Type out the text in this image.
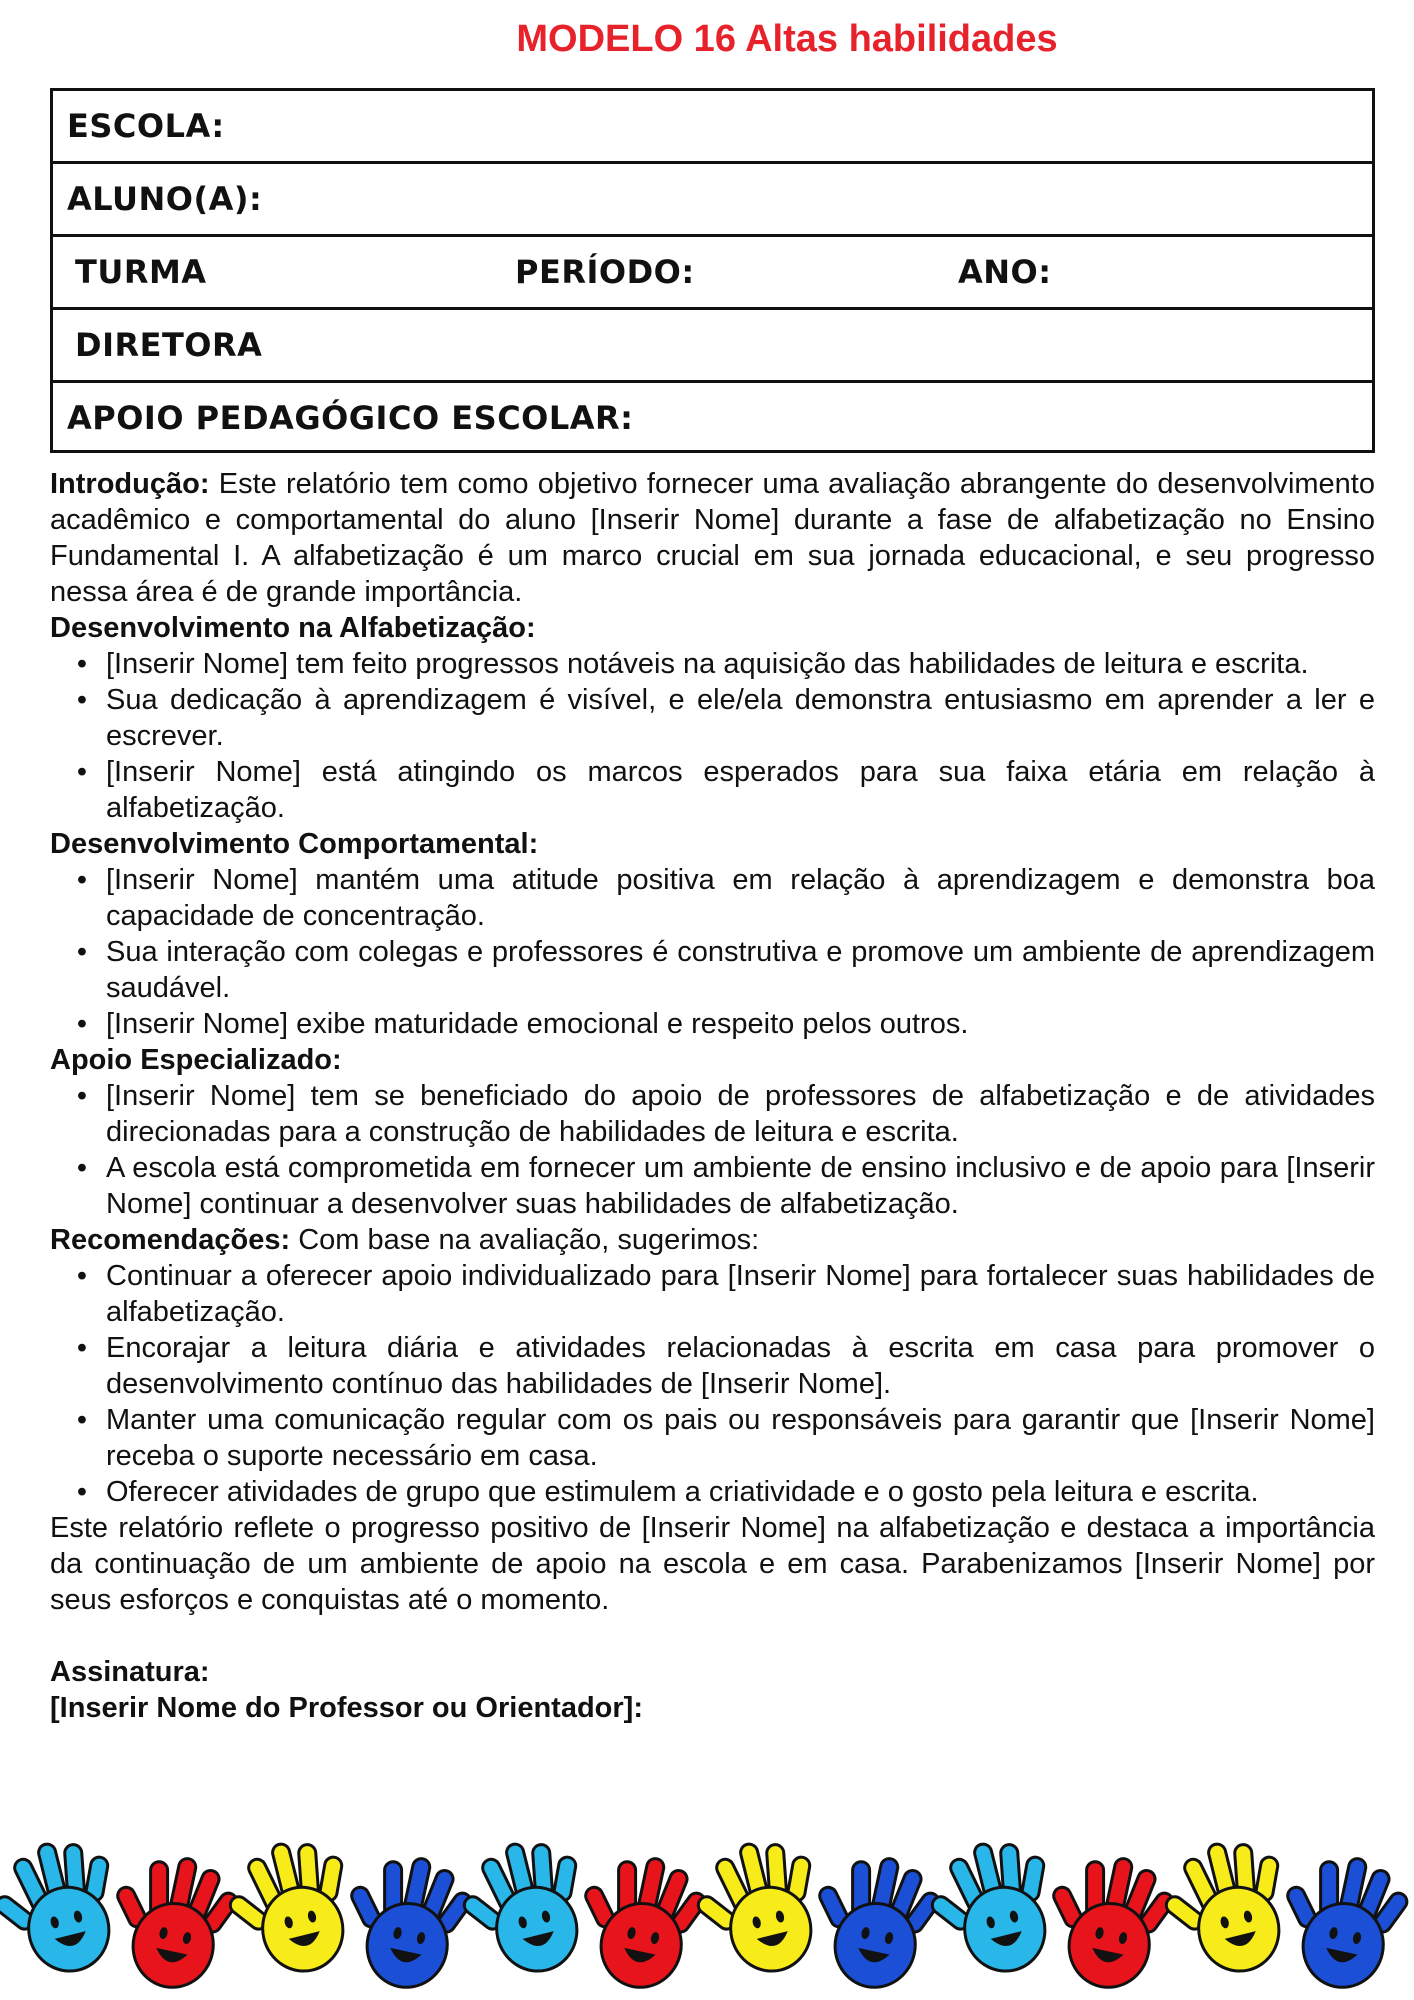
MODELO 16 Altas habilidades
ESCOLA:
ALUNO(A):
TURMA	PERÍODO:	ANO:
DIRETORA
APOIO PEDAGÓGICO ESCOLAR:

Introdução: Este relatório tem como objetivo fornecer uma avaliação abrangente do desenvolvimento acadêmico e comportamental do aluno [Inserir Nome] durante a fase de alfabetização no Ensino Fundamental I. A alfabetização é um marco crucial em sua jornada educacional, e seu progresso nessa área é de grande importância.

Desenvolvimento na Alfabetização:

• [Inserir Nome] tem feito progressos notáveis na aquisição das habilidades de leitura e escrita.
• Sua dedicação à aprendizagem é visível, e ele/ela demonstra entusiasmo em aprender a ler e escrever.
• [Inserir Nome] está atingindo os marcos esperados para sua faixa etária em relação à alfabetização.

Desenvolvimento Comportamental:

• [Inserir Nome] mantém uma atitude positiva em relação à aprendizagem e demonstra boa capacidade de concentração.
• Sua interação com colegas e professores é construtiva e promove um ambiente de aprendizagem saudável.
• [Inserir Nome] exibe maturidade emocional e respeito pelos outros.

Apoio Especializado:

• [Inserir Nome] tem se beneficiado do apoio de professores de alfabetização e de atividades direcionadas para a construção de habilidades de leitura e escrita.
• A escola está comprometida em fornecer um ambiente de ensino inclusivo e de apoio para [Inserir Nome] continuar a desenvolver suas habilidades de alfabetização.

Recomendações: Com base na avaliação, sugerimos:

• Continuar a oferecer apoio individualizado para [Inserir Nome] para fortalecer suas habilidades de alfabetização.
• Encorajar a leitura diária e atividades relacionadas à escrita em casa para promover o desenvolvimento contínuo das habilidades de [Inserir Nome].
• Manter uma comunicação regular com os pais ou responsáveis para garantir que [Inserir Nome] receba o suporte necessário em casa.
• Oferecer atividades de grupo que estimulem a criatividade e o gosto pela leitura e escrita.

Este relatório reflete o progresso positivo de [Inserir Nome] na alfabetização e destaca a importância da continuação de um ambiente de apoio na escola e em casa. Parabenizamos [Inserir Nome] por seus esforços e conquistas até o momento.

Assinatura:

[Inserir Nome do Professor ou Orientador]:
